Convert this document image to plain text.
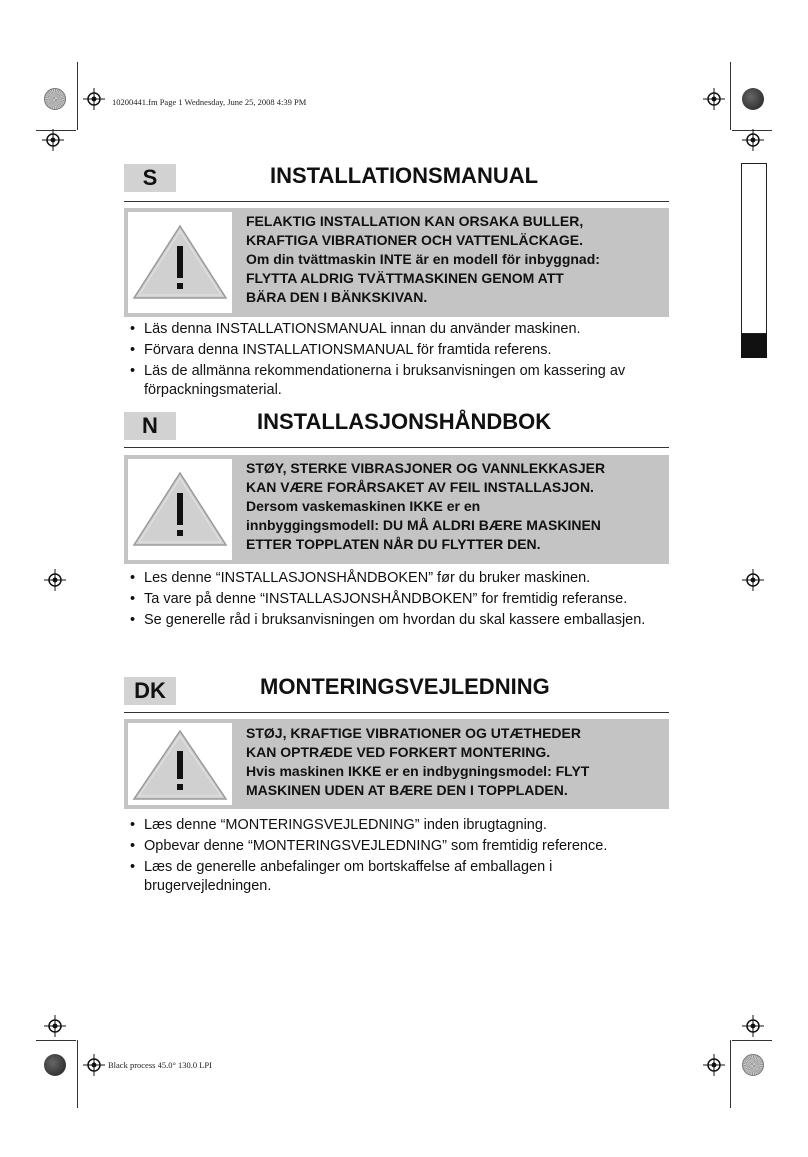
10200441.fm Page 1 Wednesday, June 25, 2008 4:39 PM
Black process 45.0° 130.0 LPI
S	INSTALLATIONSMANUAL
FELAKTIG INSTALLATION KAN ORSAKA BULLER,
KRAFTIGA VIBRATIONER OCH VATTENLÄCKAGE.
Om din tvättmaskin INTE är en modell för inbyggnad:
FLYTTA ALDRIG TVÄTTMASKINEN GENOM ATT
BÄRA DEN I BÄNKSKIVAN.
• Läs denna INSTALLATIONSMANUAL innan du använder maskinen.
• Förvara denna INSTALLATIONSMANUAL för framtida referens.
• Läs de allmänna rekommendationerna i bruksanvisningen om kassering av förpackningsmaterial.
N	INSTALLASJONSHÅNDBOK
STØY, STERKE VIBRASJONER OG VANNLEKKASJER
KAN VÆRE FORÅRSAKET AV FEIL INSTALLASJON.
Dersom vaskemaskinen IKKE er en
innbyggingsmodell: DU MÅ ALDRI BÆRE MASKINEN
ETTER TOPPLATEN NÅR DU FLYTTER DEN.
• Les denne “INSTALLASJONSHÅNDBOKEN” før du bruker maskinen.
• Ta vare på denne “INSTALLASJONSHÅNDBOKEN” for fremtidig referanse.
• Se generelle råd i bruksanvisningen om hvordan du skal kassere emballasjen.
DK	MONTERINGSVEJLEDNING
STØJ, KRAFTIGE VIBRATIONER OG UTÆTHEDER
KAN OPTRÆDE VED FORKERT MONTERING.
Hvis maskinen IKKE er en indbygningsmodel: FLYT
MASKINEN UDEN AT BÆRE DEN I TOPPLADEN.
• Læs denne “MONTERINGSVEJLEDNING” inden ibrugtagning.
• Opbevar denne “MONTERINGSVEJLEDNING” som fremtidig reference.
• Læs de generelle anbefalinger om bortskaffelse af emballagen i brugervejledningen.
